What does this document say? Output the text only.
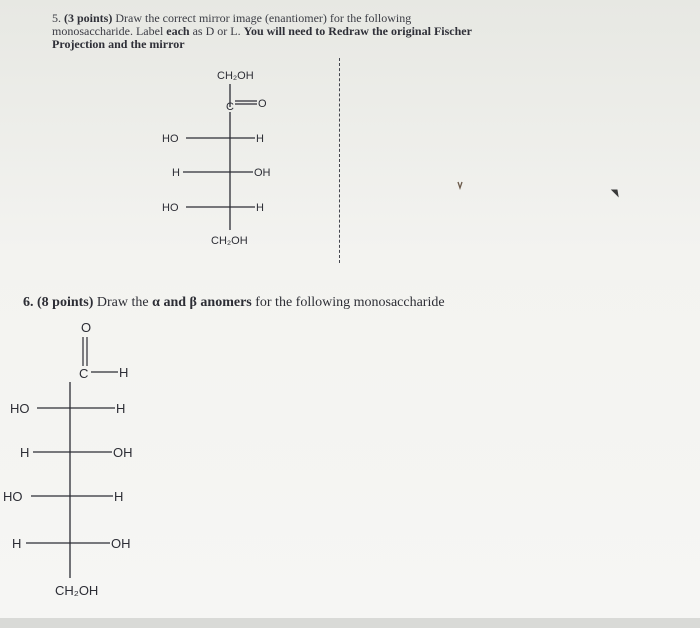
5. (3 points) Draw the correct mirror image (enantiomer) for the following
monosaccharide. Label each as D or L. You will need to Redraw the original Fischer
Projection and the mirror
6. (8 points) Draw the α and β anomers for the following monosaccharide
CH₂OH
C O
HO	H
H	OH
HO	H
CH₂OH
O
C H
HO	H
H	OH
HO	H
H	OH
CH₂OH
